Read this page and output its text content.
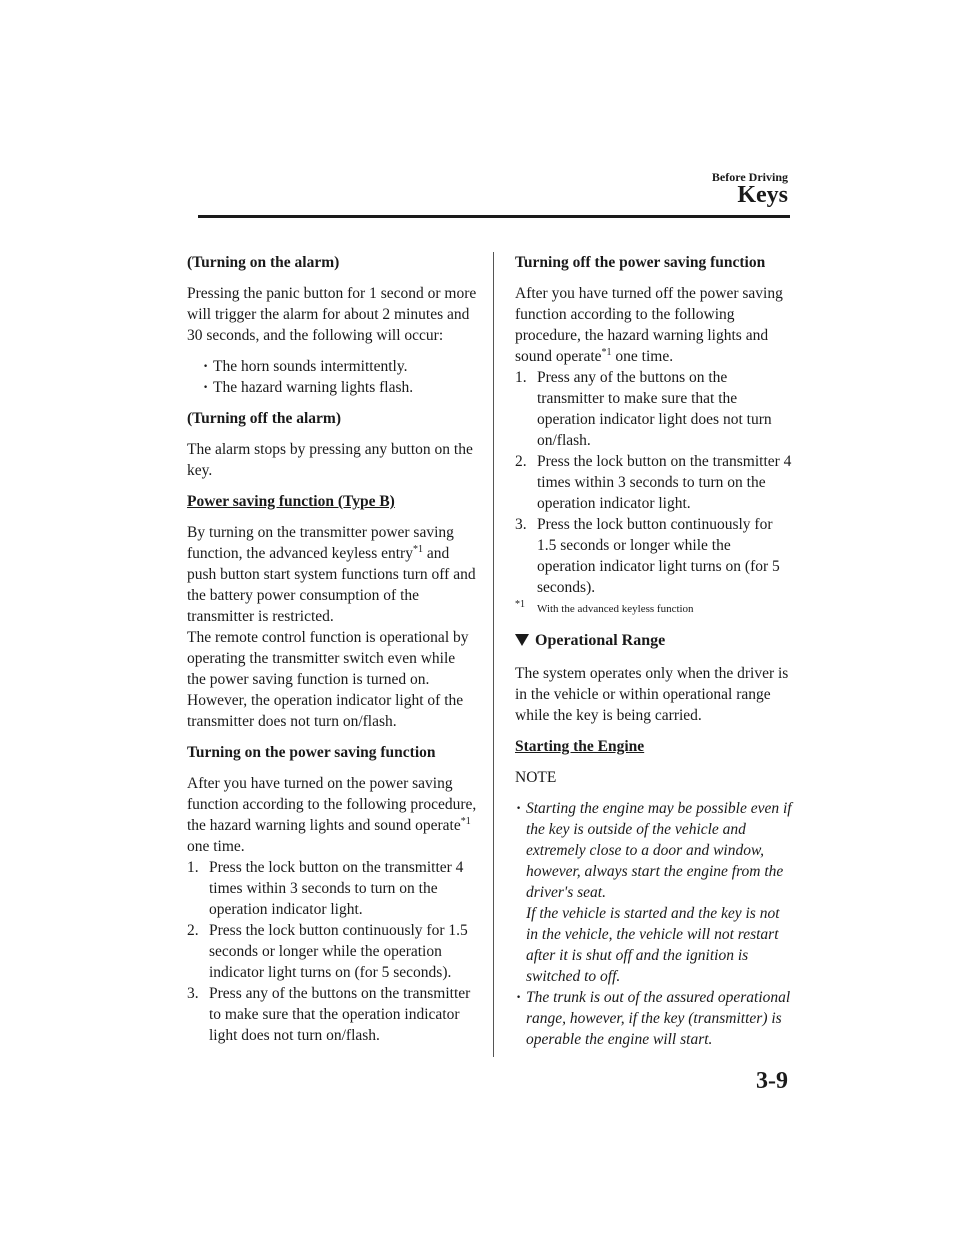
Before Driving
Keys

(Turning on the alarm)

Pressing the panic button for 1 second or more will trigger the alarm for about 2 minutes and 30 seconds, and the following will occur:

· The horn sounds intermittently.
· The hazard warning lights flash.

(Turning off the alarm)

The alarm stops by pressing any button on the key.

Power saving function (Type B)

By turning on the transmitter power saving function, the advanced keyless entry$^{*1}$ and push button start system functions turn off and the battery power consumption of the transmitter is restricted.

The remote control function is operational by operating the transmitter switch even while the power saving function is turned on. However, the operation indicator light of the transmitter does not turn on/flash.

Turning on the power saving function

After you have turned on the power saving function according to the following procedure, the hazard warning lights and sound operate$^{*1}$ one time.

1. Press the lock button on the transmitter 4 times within 3 seconds to turn on the operation indicator light.
2. Press the lock button continuously for 1.5 seconds or longer while the operation indicator light turns on (for 5 seconds).
3. Press any of the buttons on the transmitter to make sure that the operation indicator light does not turn on/flash.

Turning off the power saving function

After you have turned off the power saving function according to the following procedure, the hazard warning lights and sound operate$^{*1}$ one time.

1. Press any of the buttons on the transmitter to make sure that the operation indicator light does not turn on/flash.
2. Press the lock button on the transmitter 4 times within 3 seconds to turn on the operation indicator light.
3. Press the lock button continuously for 1.5 seconds or longer while the operation indicator light turns on (for 5 seconds).

$^{*1}$ With the advanced keyless function

Operational Range

The system operates only when the driver is in the vehicle or within operational range while the key is being carried.

Starting the Engine

NOTE

· Starting the engine may be possible even if the key is outside of the vehicle and extremely close to a door and window, however, always start the engine from the driver's seat.
If the vehicle is started and the key is not in the vehicle, the vehicle will not restart after it is shut off and the ignition is switched to off.
· The trunk is out of the assured operational range, however, if the key (transmitter) is operable the engine will start.
3-9
